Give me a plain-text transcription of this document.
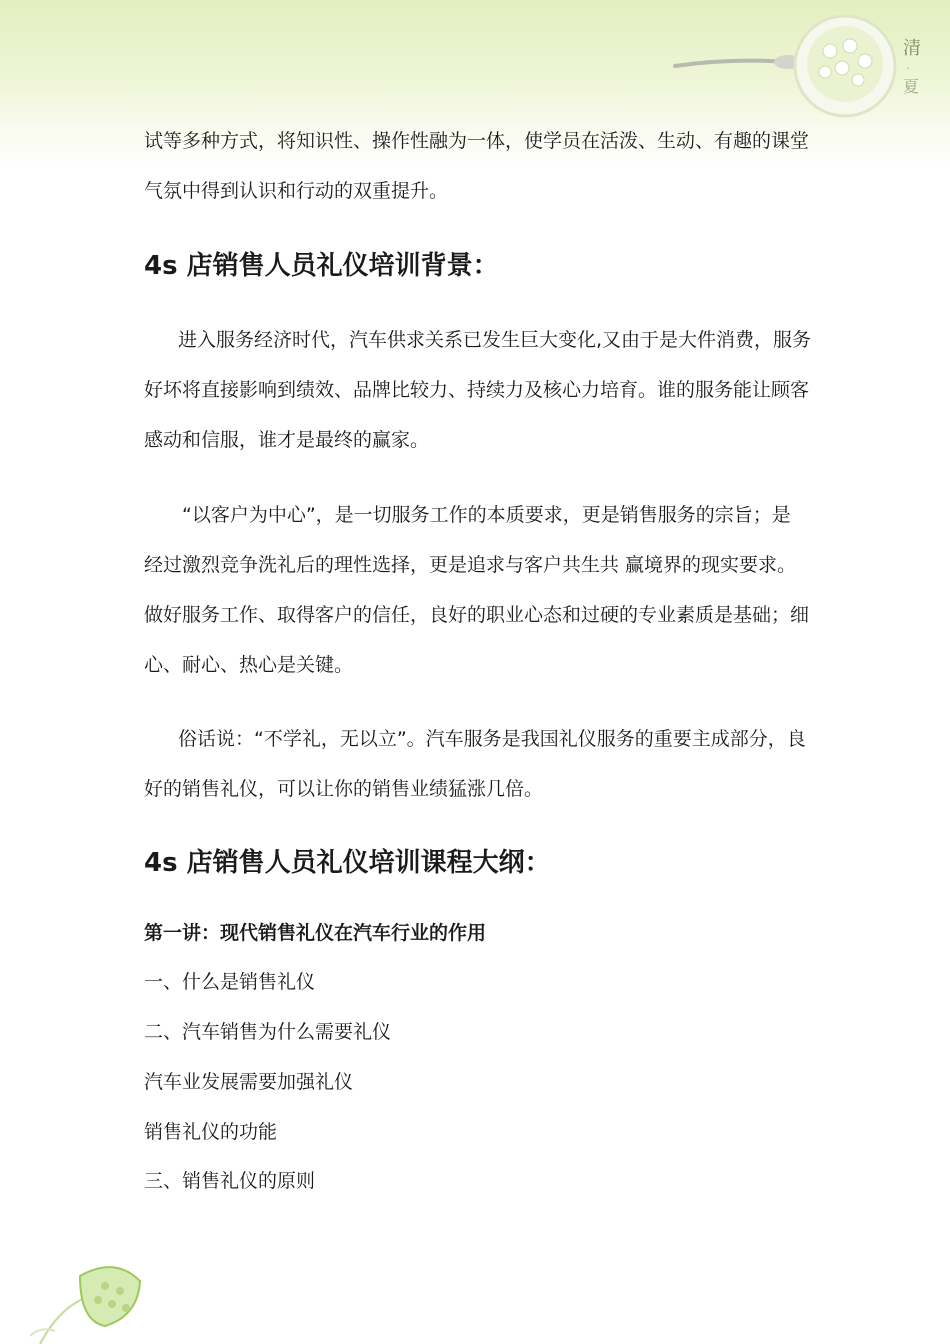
清
·
夏
试等多种方式，将知识性、操作性融为一体，使学员在活泼、生动、有趣的课堂
气氛中得到认识和行动的双重提升。
4s 店销售人员礼仪培训背景：
进入服务经济时代，汽车供求关系已发生巨大变化,又由于是大件消费，服务
好坏将直接影响到绩效、品牌比较力、持续力及核心力培育。谁的服务能让顾客
感动和信服，谁才是最终的赢家。
“以客户为中心”，是一切服务工作的本质要求，更是销售服务的宗旨；是
经过激烈竞争洗礼后的理性选择，更是追求与客户共生共 赢境界的现实要求。
做好服务工作、取得客户的信任，良好的职业心态和过硬的专业素质是基础；细
心、耐心、热心是关键。
俗话说：“不学礼，无以立”。汽车服务是我国礼仪服务的重要主成部分，良
好的销售礼仪，可以让你的销售业绩猛涨几倍。
4s 店销售人员礼仪培训课程大纲：
第一讲：现代销售礼仪在汽车行业的作用
一、什么是销售礼仪
二、汽车销售为什么需要礼仪
汽车业发展需要加强礼仪
销售礼仪的功能
三、销售礼仪的原则
